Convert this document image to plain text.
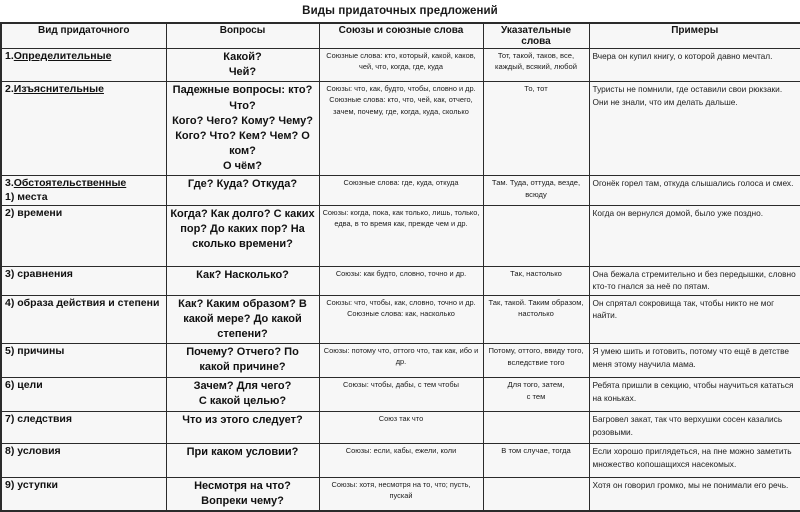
Виды придаточных предложений
Вид придаточного	Вопросы	Союзы и союзные слова	Указательные слова	Примеры
1.Определительные	Какой?
Чей?	Союзные слова: кто, который, какой, каков, чей, что, когда, где, куда	Тот, такой, таков, все, каждый, всякий, любой	Вчера он купил книгу, о которой давно мечтал.
2.Изъяснительные	Падежные вопросы: кто? Что?
Кого? Чего? Кому? Чему?
Кого? Что? Кем? Чем? О ком?
О чём?	Союзы: что, как, будто, чтобы, словно и др.
Союзные слова: кто, что, чей, как, отчего, зачем, почему, где, когда, куда, сколько	То, тот	Туристы не помнили, где оставили свои рюкзаки. Они не знали, что им делать дальше.
3.Обстоятельственные
1) места	Где? Куда? Откуда?	Союзные слова: где, куда, откуда	Там. Туда, оттуда, везде, всюду	Огонёк горел там, откуда слышались голоса и смех.
2) времени	Когда? Как долго? С каких пор? До каких пор? На сколько времени?	Союзы: когда, пока, как только, лишь, только, едва, в то время как, прежде чем и др.		Когда он вернулся домой, было уже поздно.
3) сравнения	Как? Насколько?	Союзы: как будто, словно, точно и др.	Так, настолько	Она бежала стремительно и без передышки, словно кто-то гнался за неё по пятам.
4) образа действия и степени	Как? Каким образом? В какой мере? До какой степени?	Союзы: что, чтобы, как, словно, точно и др.
Союзные слова: как, насколько	Так, такой. Таким образом, настолько	Он спрятал сокровища так, чтобы никто не мог найти.
5) причины	Почему? Отчего? По какой причине?	Союзы: потому что, оттого что, так как, ибо и др.	Потому, оттого, ввиду того, вследствие того	Я умею шить и готовить, потому что ещё в детстве меня этому научила мама.
6) цели	Зачем? Для чего?
С какой целью?	Союзы: чтобы, дабы, с тем чтобы	Для того, затем,
с тем	Ребята пришли в секцию, чтобы научиться кататься на коньках.
7) следствия	Что из этого следует?	Союз так что		Багровел закат, так что верхушки сосен казались розовыми.
8) условия	При каком условии?	Союзы: если, кабы, ежели, коли	В том случае, тогда	Если хорошо приглядеться, на пне можно заметить множество копошащихся насекомых.
9) уступки	Несмотря на что? Вопреки чему?	Союзы: хотя, несмотря на то, что; пусть, пускай		Хотя он говорил громко, мы не понимали его речь.
